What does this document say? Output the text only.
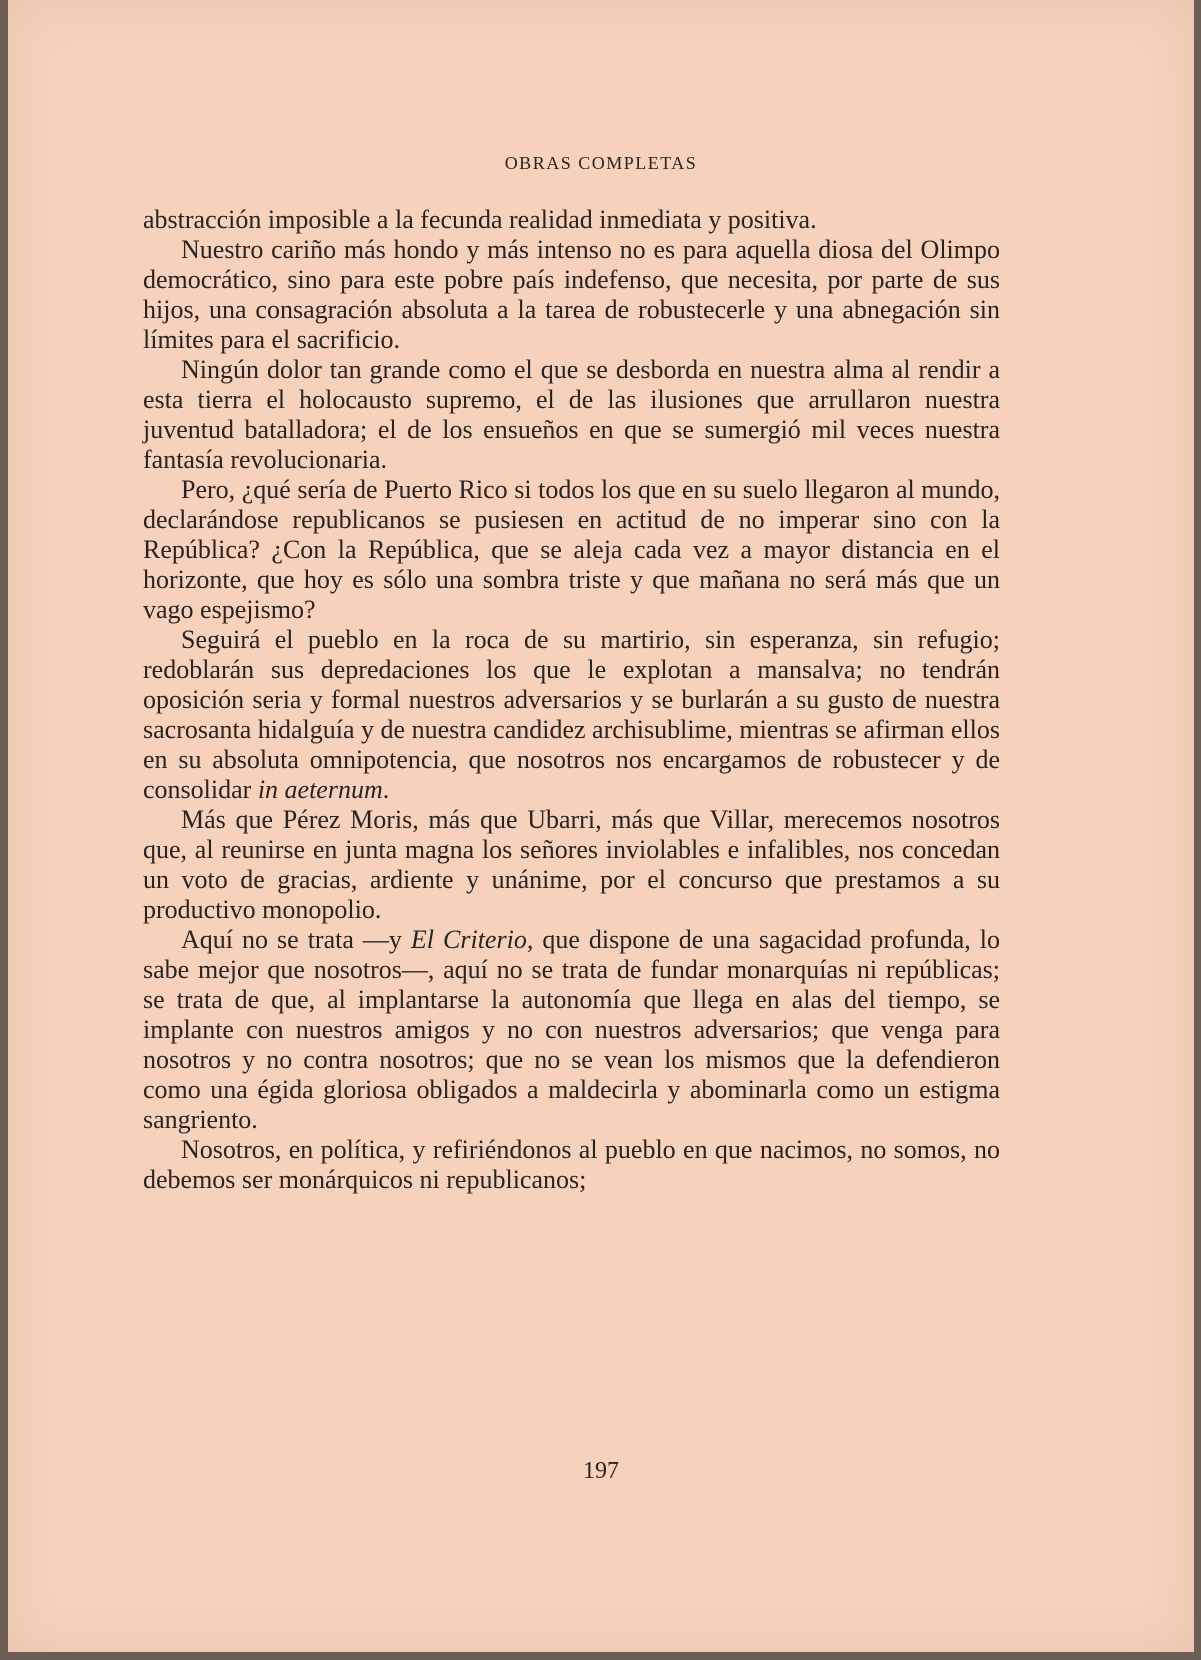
OBRAS COMPLETAS

abstracción imposible a la fecunda realidad inmediata y positiva.

Nuestro cariño más hondo y más intenso no es para aquella diosa del Olimpo democrático, sino para este pobre país indefenso, que necesita, por parte de sus hijos, una consagración absoluta a la tarea de robustecerle y una abnegación sin límites para el sacrificio.

Ningún dolor tan grande como el que se desborda en nuestra alma al rendir a esta tierra el holocausto supremo, el de las ilusiones que arrullaron nuestra juventud batalladora; el de los ensueños en que se sumergió mil veces nuestra fantasía revolucionaria.

Pero, ¿qué sería de Puerto Rico si todos los que en su suelo llegaron al mundo, declarándose republicanos se pusiesen en actitud de no imperar sino con la República? ¿Con la República, que se aleja cada vez a mayor distancia en el horizonte, que hoy es sólo una sombra triste y que mañana no será más que un vago espejismo?

Seguirá el pueblo en la roca de su martirio, sin esperanza, sin refugio; redoblarán sus depredaciones los que le explotan a mansalva; no tendrán oposición seria y formal nuestros adversarios y se burlarán a su gusto de nuestra sacrosanta hidalguía y de nuestra candidez archisublime, mientras se afirman ellos en su absoluta omnipotencia, que nosotros nos encargamos de robustecer y de consolidar in aeternum.

Más que Pérez Moris, más que Ubarri, más que Villar, merecemos nosotros que, al reunirse en junta magna los señores inviolables e infalibles, nos concedan un voto de gracias, ardiente y unánime, por el concurso que prestamos a su productivo monopolio.

Aquí no se trata —y El Criterio, que dispone de una sagacidad profunda, lo sabe mejor que nosotros—, aquí no se trata de fundar monarquías ni repúblicas; se trata de que, al implantarse la autonomía que llega en alas del tiempo, se implante con nuestros amigos y no con nuestros adversarios; que venga para nosotros y no contra nosotros; que no se vean los mismos que la defendieron como una égida gloriosa obligados a maldecirla y abominarla como un estigma sangriento.

Nosotros, en política, y refiriéndonos al pueblo en que nacimos, no somos, no debemos ser monárquicos ni republicanos;

197
